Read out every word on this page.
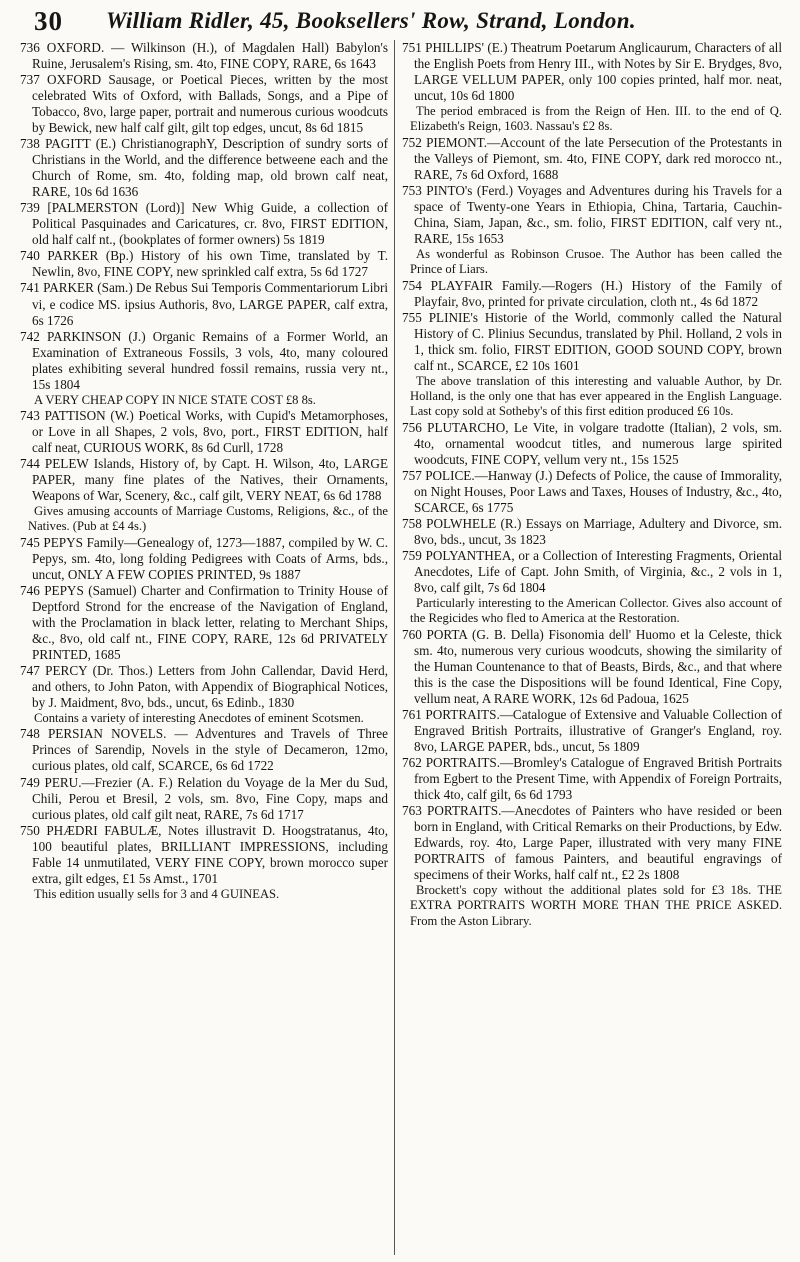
30 William Ridler, 45, Booksellers' Row, Strand, London.

736 OXFORD. — Wilkinson (H.), of Magdalen Hall) Babylon's Ruine, Jerusalem's Rising, sm. 4to, FINE COPY, RARE, 6s 1643

737 OXFORD Sausage, or Poetical Pieces, written by the most celebrated Wits of Oxford, with Ballads, Songs, and a Pipe of Tobacco, 8vo, large paper, portrait and numerous curious woodcuts by Bewick, new half calf gilt, gilt top edges, uncut, 8s 6d 1815

738 PAGITT (E.) ChristianographY, Description of sundry sorts of Christians in the World, and the difference betweene each and the Church of Rome, sm. 4to, folding map, old brown calf neat, RARE, 10s 6d 1636

739 [PALMERSTON (Lord)] New Whig Guide, a collection of Political Pasquinades and Caricatures, cr. 8vo, FIRST EDITION, old half calf nt., (bookplates of former owners) 5s 1819

740 PARKER (Bp.) History of his own Time, translated by T. Newlin, 8vo, FINE COPY, new sprinkled calf extra, 5s 6d 1727

741 PARKER (Sam.) De Rebus Sui Temporis Commentariorum Libri vi, e codice MS. ipsius Authoris, 8vo, LARGE PAPER, calf extra, 6s 1726

742 PARKINSON (J.) Organic Remains of a Former World, an Examination of Extraneous Fossils, 3 vols, 4to, many coloured plates exhibiting several hundred fossil remains, russia very nt., 15s 1804

A VERY CHEAP COPY IN NICE STATE COST £8 8s.

743 PATTISON (W.) Poetical Works, with Cupid's Metamorphoses, or Love in all Shapes, 2 vols, 8vo, port., FIRST EDITION, half calf neat, CURIOUS WORK, 8s 6d Curll, 1728

744 PELEW Islands, History of, by Capt. H. Wilson, 4to, LARGE PAPER, many fine plates of the Natives, their Ornaments, Weapons of War, Scenery, &c., calf gilt, VERY NEAT, 6s 6d 1788

Gives amusing accounts of Marriage Customs, Religions, &c., of the Natives. (Pub at £4 4s.)

745 PEPYS Family—Genealogy of, 1273—1887, compiled by W. C. Pepys, sm. 4to, long folding Pedigrees with Coats of Arms, bds., uncut, ONLY A FEW COPIES PRINTED, 9s 1887

746 PEPYS (Samuel) Charter and Confirmation to Trinity House of Deptford Strond for the encrease of the Navigation of England, with the Proclamation in black letter, relating to Merchant Ships, &c., 8vo, old calf nt., FINE COPY, RARE, 12s 6d PRIVATELY PRINTED, 1685

747 PERCY (Dr. Thos.) Letters from John Callendar, David Herd, and others, to John Paton, with Appendix of Biographical Notices, by J. Maidment, 8vo, bds., uncut, 6s Edinb., 1830

Contains a variety of interesting Anecdotes of eminent Scotsmen.

748 PERSIAN NOVELS. — Adventures and Travels of Three Princes of Sarendip, Novels in the style of Decameron, 12mo, curious plates, old calf, SCARCE, 6s 6d 1722

749 PERU.—Frezier (A. F.) Relation du Voyage de la Mer du Sud, Chili, Perou et Bresil, 2 vols, sm. 8vo, Fine Copy, maps and curious plates, old calf gilt neat, RARE, 7s 6d 1717

750 PHÆDRI FABULÆ, Notes illustravit D. Hoogstratanus, 4to, 100 beautiful plates, BRILLIANT IMPRESSIONS, including Fable 14 unmutilated, VERY FINE COPY, brown morocco super extra, gilt edges, £1 5s Amst., 1701

This edition usually sells for 3 and 4 GUINEAS.

751 PHILLIPS' (E.) Theatrum Poetarum Anglicaurum, Characters of all the English Poets from Henry III., with Notes by Sir E. Brydges, 8vo, LARGE VELLUM PAPER, only 100 copies printed, half mor. neat, uncut, 10s 6d 1800

The period embraced is from the Reign of Hen. III. to the end of Q. Elizabeth's Reign, 1603. Nassau's £2 8s.

752 PIEMONT.—Account of the late Persecution of the Protestants in the Valleys of Piemont, sm. 4to, FINE COPY, dark red morocco nt., RARE, 7s 6d Oxford, 1688

753 PINTO's (Ferd.) Voyages and Adventures during his Travels for a space of Twenty-one Years in Ethiopia, China, Tartaria, Cauchin-China, Siam, Japan, &c., sm. folio, FIRST EDITION, calf very nt., RARE, 15s 1653

As wonderful as Robinson Crusoe. The Author has been called the Prince of Liars.

754 PLAYFAIR Family.—Rogers (H.) History of the Family of Playfair, 8vo, printed for private circulation, cloth nt., 4s 6d 1872

755 PLINIE's Historie of the World, commonly called the Natural History of C. Plinius Secundus, translated by Phil. Holland, 2 vols in 1, thick sm. folio, FIRST EDITION, GOOD SOUND COPY, brown calf nt., SCARCE, £2 10s 1601

The above translation of this interesting and valuable Author, by Dr. Holland, is the only one that has ever appeared in the English Language. Last copy sold at Sotheby's of this first edition produced £6 10s.

756 PLUTARCHO, Le Vite, in volgare tradotte (Italian), 2 vols, sm. 4to, ornamental woodcut titles, and numerous large spirited woodcuts, FINE COPY, vellum very nt., 15s 1525

757 POLICE.—Hanway (J.) Defects of Police, the cause of Immorality, on Night Houses, Poor Laws and Taxes, Houses of Industry, &c., 4to, SCARCE, 6s 1775

758 POLWHELE (R.) Essays on Marriage, Adultery and Divorce, sm. 8vo, bds., uncut, 3s 1823

759 POLYANTHEA, or a Collection of Interesting Fragments, Oriental Anecdotes, Life of Capt. John Smith, of Virginia, &c., 2 vols in 1, 8vo, calf gilt, 7s 6d 1804

Particularly interesting to the American Collector. Gives also account of the Regicides who fled to America at the Restoration.

760 PORTA (G. B. Della) Fisonomia dell' Huomo et la Celeste, thick sm. 4to, numerous very curious woodcuts, showing the similarity of the Human Countenance to that of Beasts, Birds, &c., and that where this is the case the Dispositions will be found Identical, Fine Copy, vellum neat, A RARE WORK, 12s 6d Padoua, 1625

761 PORTRAITS.—Catalogue of Extensive and Valuable Collection of Engraved British Portraits, illustrative of Granger's England, roy. 8vo, LARGE PAPER, bds., uncut, 5s 1809

762 PORTRAITS.—Bromley's Catalogue of Engraved British Portraits from Egbert to the Present Time, with Appendix of Foreign Portraits, thick 4to, calf gilt, 6s 6d 1793

763 PORTRAITS.—Anecdotes of Painters who have resided or been born in England, with Critical Remarks on their Productions, by Edw. Edwards, roy. 4to, Large Paper, illustrated with very many FINE PORTRAITS of famous Painters, and beautiful engravings of specimens of their Works, half calf nt., £2 2s 1808

Brockett's copy without the additional plates sold for £3 18s. THE EXTRA PORTRAITS WORTH MORE THAN THE PRICE ASKED. From the Aston Library.
